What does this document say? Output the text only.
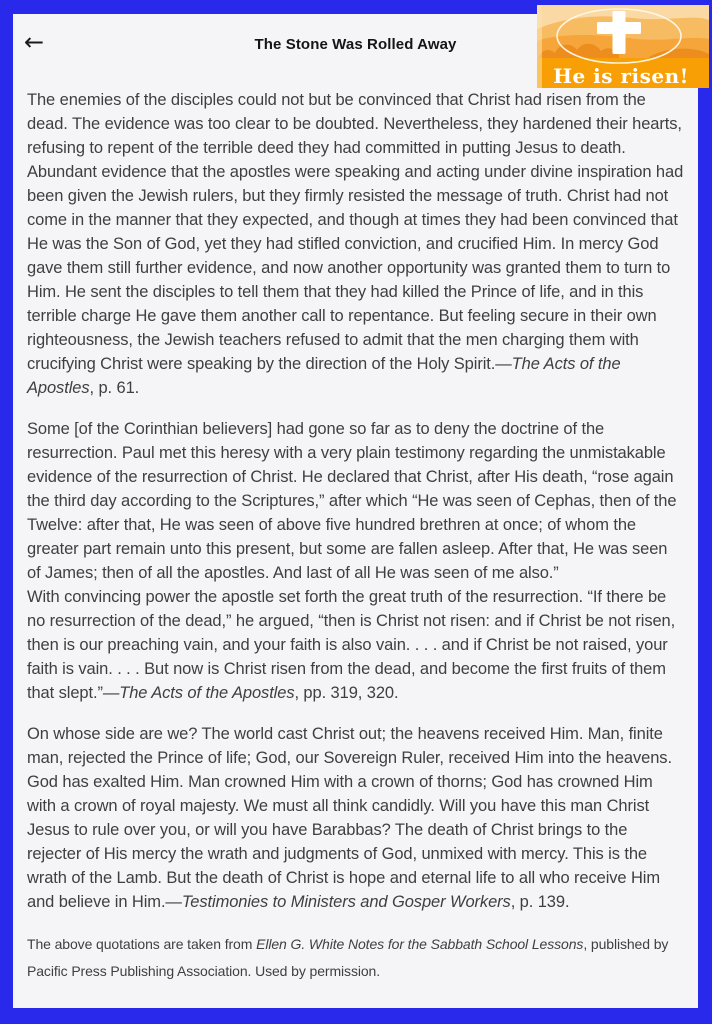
←	The Stone Was Rolled Away

The enemies of the disciples could not but be convinced that Christ had risen from the dead. The evidence was too clear to be doubted. Nevertheless, they hardened their hearts, refusing to repent of the terrible deed they had committed in putting Jesus to death. Abundant evidence that the apostles were speaking and acting under divine inspiration had been given the Jewish rulers, but they firmly resisted the message of truth. Christ had not come in the manner that they expected, and though at times they had been convinced that He was the Son of God, yet they had stifled conviction, and crucified Him. In mercy God gave them still further evidence, and now another opportunity was granted them to turn to Him. He sent the disciples to tell them that they had killed the Prince of life, and in this terrible charge He gave them another call to repentance. But feeling secure in their own righteousness, the Jewish teachers refused to admit that the men charging them with crucifying Christ were speaking by the direction of the Holy Spirit.—The Acts of the Apostles, p. 61.

Some [of the Corinthian believers] had gone so far as to deny the doctrine of the resurrection. Paul met this heresy with a very plain testimony regarding the unmistakable evidence of the resurrection of Christ. He declared that Christ, after His death, “rose again the third day according to the Scriptures,” after which “He was seen of Cephas, then of the Twelve: after that, He was seen of above five hundred brethren at once; of whom the greater part remain unto this present, but some are fallen asleep. After that, He was seen of James; then of all the apostles. And last of all He was seen of me also.”

With convincing power the apostle set forth the great truth of the resurrection. “If there be no resurrection of the dead,” he argued, “then is Christ not risen: and if Christ be not risen, then is our preaching vain, and your faith is also vain. . . . and if Christ be not raised, your faith is vain. . . . But now is Christ risen from the dead, and become the first fruits of them that slept.”—The Acts of the Apostles, pp. 319, 320.

On whose side are we? The world cast Christ out; the heavens received Him. Man, finite man, rejected the Prince of life; God, our Sovereign Ruler, received Him into the heavens. God has exalted Him. Man crowned Him with a crown of thorns; God has crowned Him with a crown of royal majesty. We must all think candidly. Will you have this man Christ Jesus to rule over you, or will you have Barabbas? The death of Christ brings to the rejecter of His mercy the wrath and judgments of God, unmixed with mercy. This is the wrath of the Lamb. But the death of Christ is hope and eternal life to all who receive Him and believe in Him.—Testimonies to Ministers and Gosper Workers, p. 139.

The above quotations are taken from Ellen G. White Notes for the Sabbath School Lessons, published by Pacific Press Publishing Association. Used by permission.

He is risen!
